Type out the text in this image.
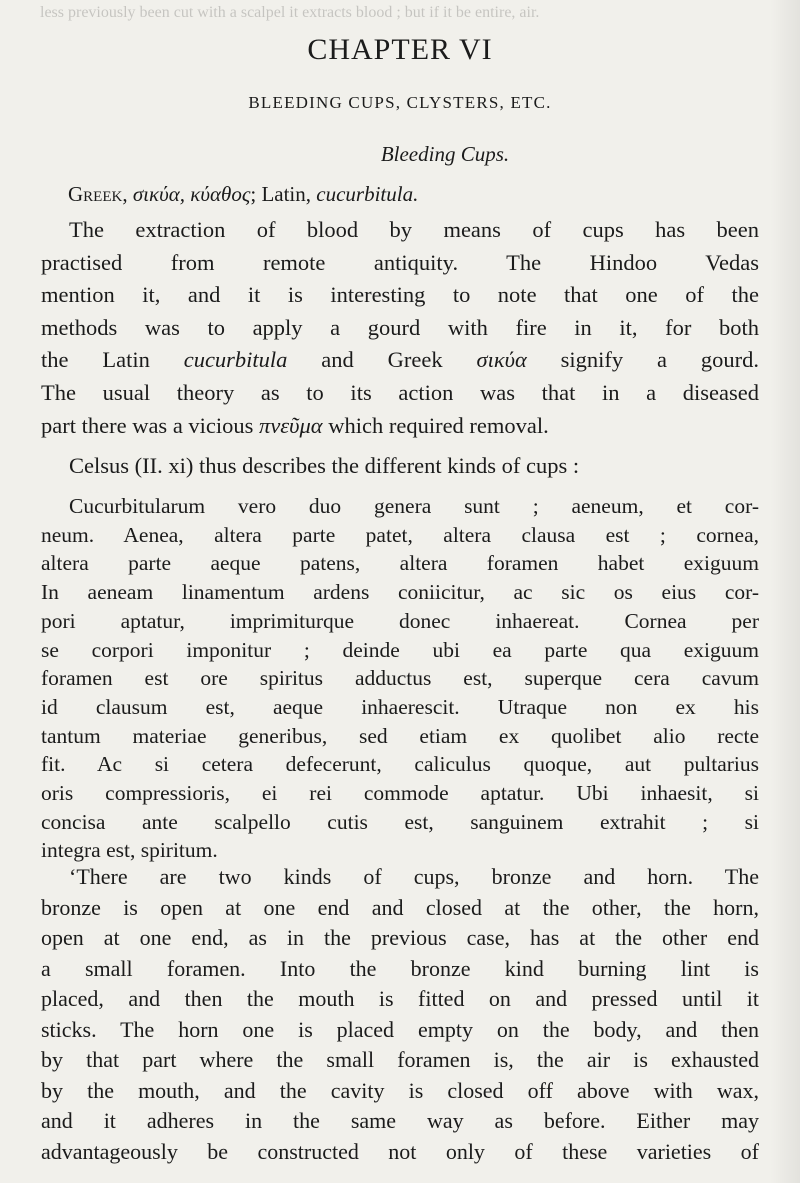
less previously been cut with a scalpel it extracts blood ; but if it be entire, air.
CHAPTER VI
BLEEDING CUPS, CLYSTERS, ETC.
Bleeding Cups.
Greek, σικύα, κύαθος; Latin, cucurbitula.
The extraction of blood by means of cups has been
practised from remote antiquity. The Hindoo Vedas
mention it, and it is interesting to note that one of the
methods was to apply a gourd with fire in it, for both
the Latin cucurbitula and Greek σικύα signify a gourd.
The usual theory as to its action was that in a diseased
part there was a vicious πνεῦμα which required removal.
Celsus (II. xi) thus describes the different kinds of cups :
Cucurbitularum vero duo genera sunt ; aeneum, et cor-
neum. Aenea, altera parte patet, altera clausa est ; cornea,
altera parte aeque patens, altera foramen habet exiguum
In aeneam linamentum ardens coniicitur, ac sic os eius cor-
pori aptatur, imprimiturque donec inhaereat. Cornea per
se corpori imponitur ; deinde ubi ea parte qua exiguum
foramen est ore spiritus adductus est, superque cera cavum
id clausum est, aeque inhaerescit. Utraque non ex his
tantum materiae generibus, sed etiam ex quolibet alio recte
fit. Ac si cetera defecerunt, caliculus quoque, aut pultarius
oris compressioris, ei rei commode aptatur. Ubi inhaesit, si
concisa ante scalpello cutis est, sanguinem extrahit ; si
integra est, spiritum.
‘There are two kinds of cups, bronze and horn. The
bronze is open at one end and closed at the other, the horn,
open at one end, as in the previous case, has at the other end
a small foramen. Into the bronze kind burning lint is
placed, and then the mouth is fitted on and pressed until it
sticks. The horn one is placed empty on the body, and then
by that part where the small foramen is, the air is exhausted
by the mouth, and the cavity is closed off above with wax,
and it adheres in the same way as before. Either may
advantageously be constructed not only of these varieties of
